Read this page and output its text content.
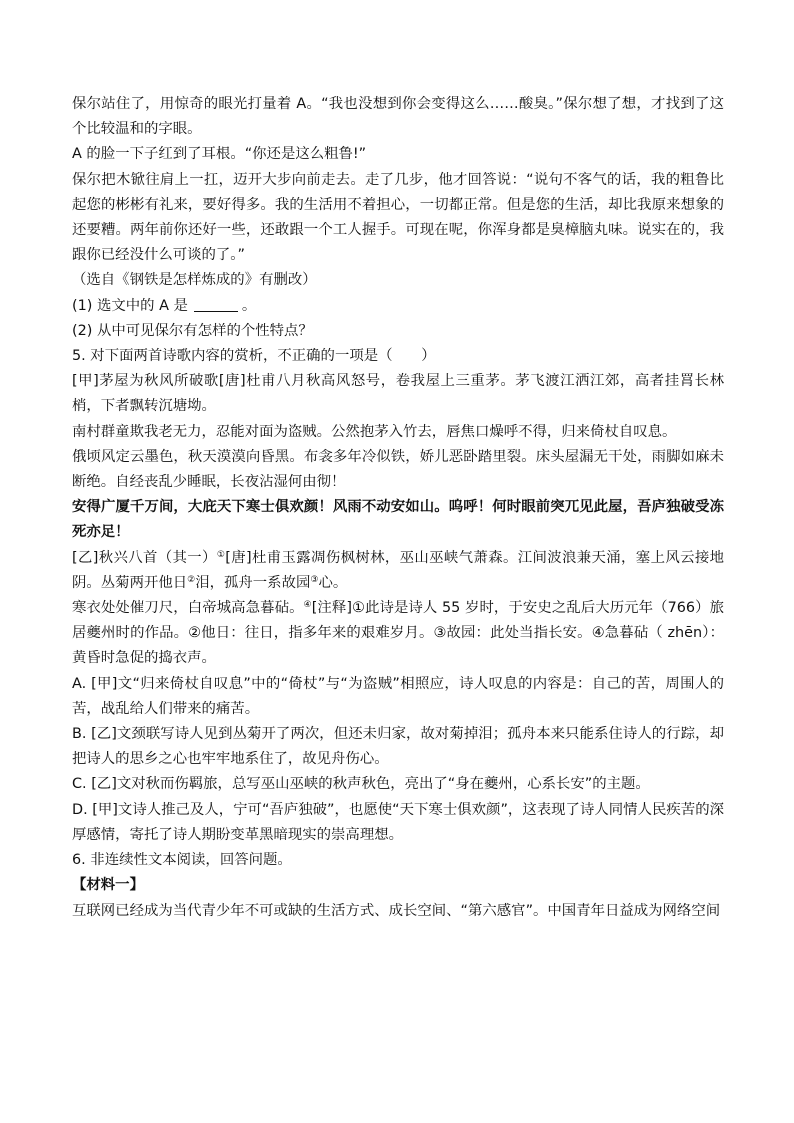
保尔站住了，用惊奇的眼光打量着 A。“我也没想到你会变得这么……酸臭。”保尔想了想，才找到了这个比较温和的字眼。

A 的脸一下子红到了耳根。“你还是这么粗鲁!”

保尔把木锨往肩上一扛，迈开大步向前走去。走了几步，他才回答说：“说句不客气的话，我的粗鲁比起您的彬彬有礼来，要好得多。我的生活用不着担心，一切都正常。但是您的生活，却比我原来想象的还要糟。两年前你还好一些，还敢跟一个工人握手。可现在呢，你浑身都是臭樟脑丸味。说实在的，我跟你已经没什么可谈的了。”

（选自《钢铁是怎样炼成的》有删改）

(1) 选文中的 A 是	。

(2) 从中可见保尔有怎样的个性特点？

5. 对下面两首诗歌内容的赏析，不正确的一项是（　　）

[甲]茅屋为秋风所破歌[唐]杜甫八月秋高风怒号，卷我屋上三重茅。茅飞渡江洒江郊，高者挂罥长林梢，下者飘转沉塘坳。

南村群童欺我老无力，忍能对面为盗贼。公然抱茅入竹去，唇焦口燥呼不得，归来倚杖自叹息。

俄顷风定云墨色，秋天漠漠向昏黑。布衾多年冷似铁，娇儿恶卧踏里裂。床头屋漏无干处，雨脚如麻未断绝。自经丧乱少睡眠，长夜沾湿何由彻！

安得广厦千万间，大庇天下寒士俱欢颜！风雨不动安如山。呜呼！何时眼前突兀见此屋，吾庐独破受冻死亦足！

[乙]秋兴八首（其一）①[唐]杜甫玉露凋伤枫树林，巫山巫峡气萧森。江间波浪兼天涌，塞上风云接地阴。丛菊两开他日②泪，孤舟一系故园③心。

寒衣处处催刀尺，白帝城高急暮砧。④[注释]①此诗是诗人 55 岁时，于安史之乱后大历元年（766）旅居夔州时的作品。②他日：往日，指多年来的艰难岁月。③故园：此处当指长安。④急暮砧（ zhēn）：黄昏时急促的捣衣声。

A. [甲]文“归来倚杖自叹息”中的“倚杖”与“为盗贼”相照应，诗人叹息的内容是：自己的苦，周围人的苦，战乱给人们带来的痛苦。

B. [乙]文颈联写诗人见到丛菊开了两次，但还未归家，故对菊掉泪；孤舟本来只能系住诗人的行踪，却把诗人的思乡之心也牢牢地系住了，故见舟伤心。

C. [乙]文对秋而伤羁旅，总写巫山巫峡的秋声秋色，亮出了“身在夔州，心系长安”的主题。

D. [甲]文诗人推己及人，宁可“吾庐独破”，也愿使“天下寒士俱欢颜”，这表现了诗人同情人民疾苦的深厚感情，寄托了诗人期盼变革黑暗现实的崇高理想。

6. 非连续性文本阅读，回答问题。

【材料一】

互联网已经成为当代青少年不可或缺的生活方式、成长空间、“第六感官”。中国青年日益成为网络空间
